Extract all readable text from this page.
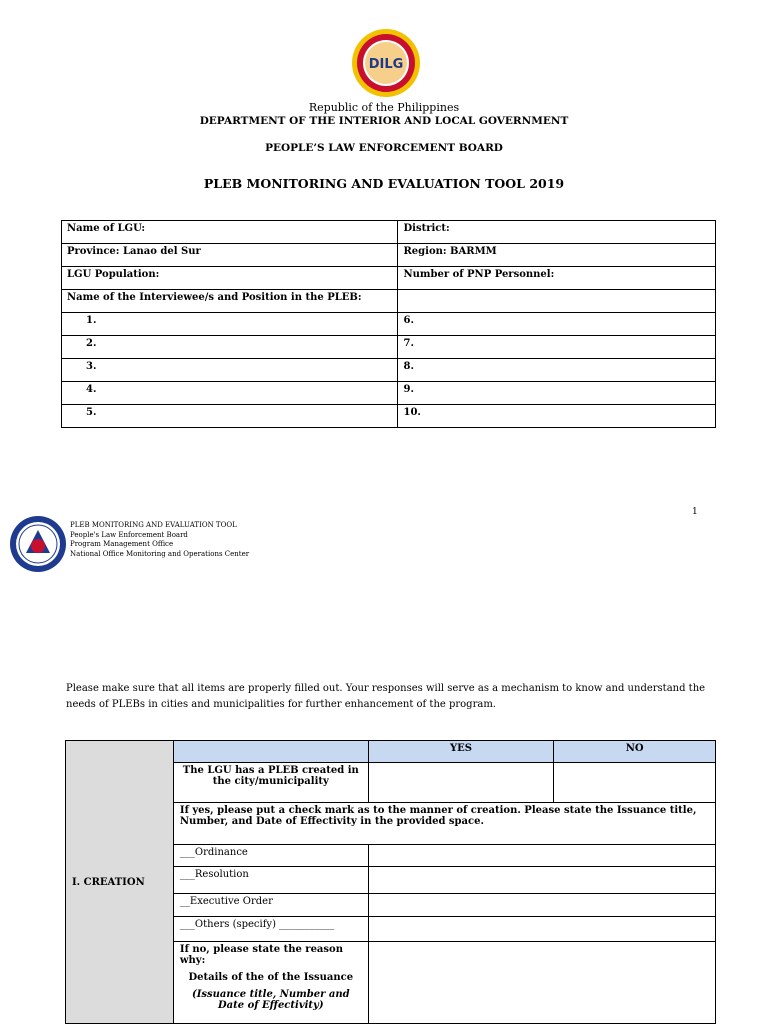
DILG
Republic of the Philippines
DEPARTMENT OF THE INTERIOR AND LOCAL GOVERNMENT
PEOPLE’S LAW ENFORCEMENT BOARD
PLEB MONITORING AND EVALUATION TOOL 2019
Name of LGU:	District:
Province: Lanao del Sur	Region: BARMM
LGU Population:	Number of PNP Personnel:
Name of the Interviewee/s and Position in the PLEB:	
1.	6.
2.	7.
3.	8.
4.	9.
5.	10.
1
PLEB MONITORING AND EVALUATION TOOL
People's Law Enforcement Board
Program Management Office
National Office Monitoring and Operations Center
Please make sure that all items are properly filled out. Your responses will serve as a mechanism to know and understand the needs of PLEBs in cities and municipalities for further enhancement of the program.
I. CREATION		YES	NO
	The LGU has a PLEB created in the city/municipality		
	If yes, please put a check mark as to the manner of creation. Please state the Issuance title, Number, and Date of Effectivity in the provided space.		
	___Ordinance		
	___Resolution		
	__Executive Order		
	___Others (specify) ___________		

	If no, please state the reason why:
Details of the of the Issuance
(Issuance title, Number and Date of Effectivity)		
